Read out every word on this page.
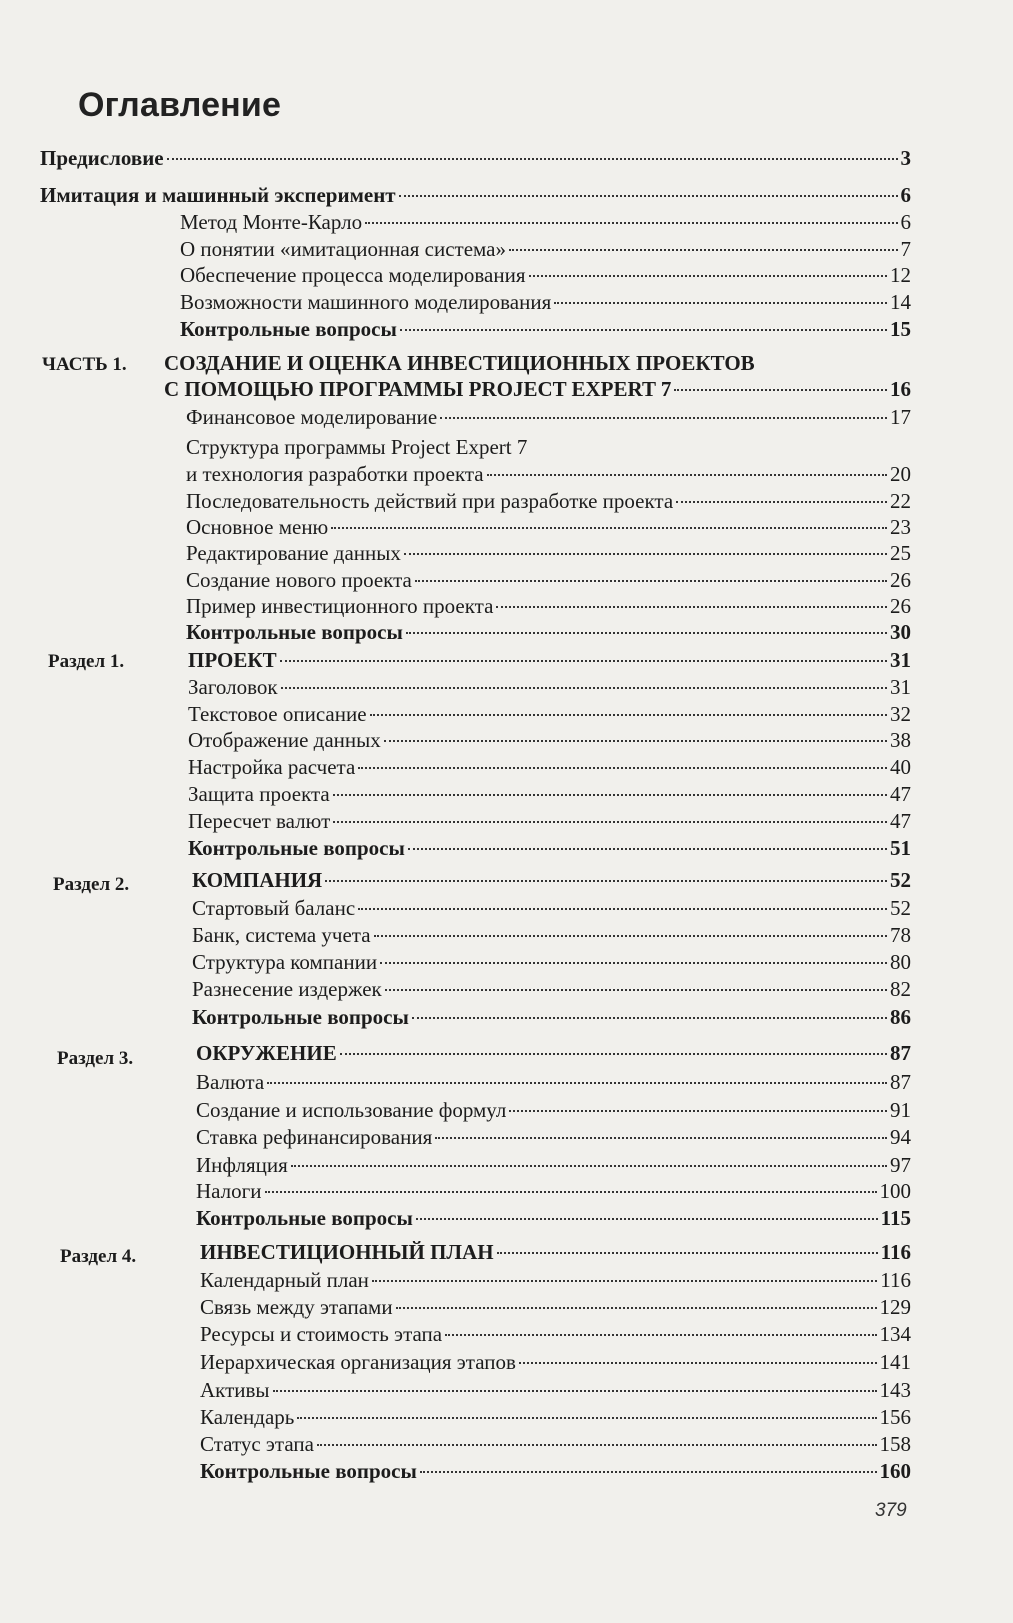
Оглавление
Предисловие	3
Имитация и машинный эксперимент	6
Метод Монте-Карло	6
О понятии «имитационная система»	7
Обеспечение процесса моделирования	12
Возможности машинного моделирования	14
Контрольные вопросы	15
ЧАСТЬ 1. СОЗДАНИЕ И ОЦЕНКА ИНВЕСТИЦИОННЫХ ПРОЕКТОВ
С ПОМОЩЬЮ ПРОГРАММЫ PROJECT EXPERT 7	16
Финансовое моделирование	17
Структура программы Project Expert 7
и технология разработки проекта	20
Последовательность действий при разработке проекта	22
Основное меню	23
Редактирование данных	25
Создание нового проекта	26
Пример инвестиционного проекта	26
Контрольные вопросы	30
Раздел 1.	ПРОЕКТ	31
Заголовок	31
Текстовое описание	32
Отображение данных	38
Настройка расчета	40
Защита проекта	47
Пересчет валют	47
Контрольные вопросы	51
Раздел 2.	КОМПАНИЯ	52
Стартовый баланс	52
Банк, система учета	78
Структура компании	80
Разнесение издержек	82
Контрольные вопросы	86
Раздел 3.	ОКРУЖЕНИЕ	87
Валюта	87
Создание и использование формул	91
Ставка рефинансирования	94
Инфляция	97
Налоги	100
Контрольные вопросы	115
Раздел 4.	ИНВЕСТИЦИОННЫЙ ПЛАН	116
Календарный план	116
Связь между этапами	129
Ресурсы и стоимость этапа	134
Иерархическая организация этапов	141
Активы	143
Календарь	156
Статус этапа	158
Контрольные вопросы	160
379
